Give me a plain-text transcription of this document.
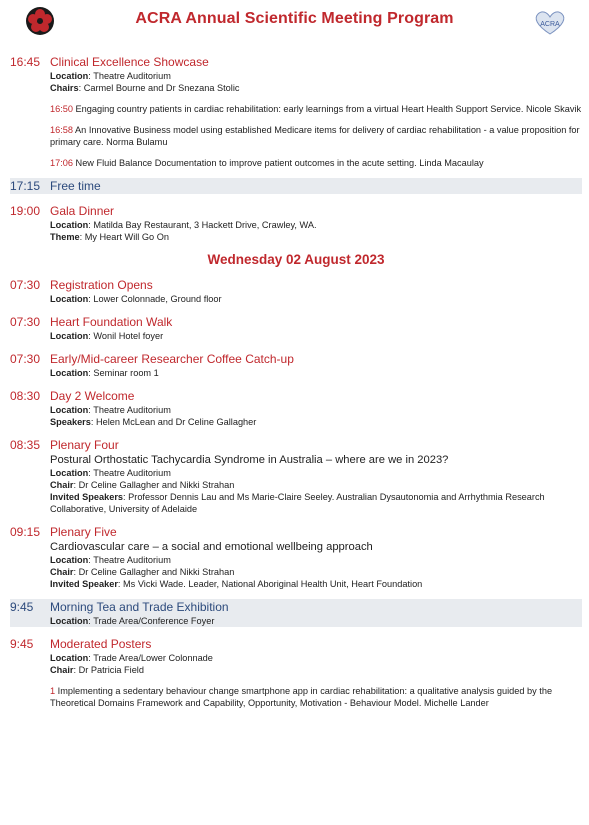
ACRA Annual Scientific Meeting Program	ACRA
16:45 Clinical Excellence Showcase
Location: Theatre Auditorium
Chairs: Carmel Bourne and Dr Snezana Stolic
16:50 Engaging country patients in cardiac rehabilitation: early learnings from a virtual Heart Health Support Service. Nicole Skavik
16:58 An Innovative Business model using established Medicare items for delivery of cardiac rehabilitation - a value proposition for primary care. Norma Bulamu
17:06 New Fluid Balance Documentation to improve patient outcomes in the acute setting. Linda Macaulay
17:15 Free time
19:00 Gala Dinner
Location: Matilda Bay Restaurant, 3 Hackett Drive, Crawley, WA.
Theme: My Heart Will Go On
Wednesday 02 August 2023
07:30 Registration Opens
Location: Lower Colonnade, Ground floor
07:30 Heart Foundation Walk
Location: Wonil Hotel foyer
07:30 Early/Mid-career Researcher Coffee Catch-up
Location: Seminar room 1
08:30 Day 2 Welcome
Location: Theatre Auditorium
Speakers: Helen McLean and Dr Celine Gallagher
08:35 Plenary Four
Postural Orthostatic Tachycardia Syndrome in Australia – where are we in 2023?
Location: Theatre Auditorium
Chair: Dr Celine Gallagher and Nikki Strahan
Invited Speakers: Professor Dennis Lau and Ms Marie-Claire Seeley. Australian Dysautonomia and Arrhythmia Research Collaborative, University of Adelaide
09:15 Plenary Five
Cardiovascular care – a social and emotional wellbeing approach
Location: Theatre Auditorium
Chair: Dr Celine Gallagher and Nikki Strahan
Invited Speaker: Ms Vicki Wade. Leader, National Aboriginal Health Unit, Heart Foundation
9:45 Morning Tea and Trade Exhibition
Location: Trade Area/Conference Foyer
9:45 Moderated Posters
Location: Trade Area/Lower Colonnade
Chair: Dr Patricia Field
1 Implementing a sedentary behaviour change smartphone app in cardiac rehabilitation: a qualitative analysis guided by the Theoretical Domains Framework and Capability, Opportunity, Motivation - Behaviour Model. Michelle Lander
